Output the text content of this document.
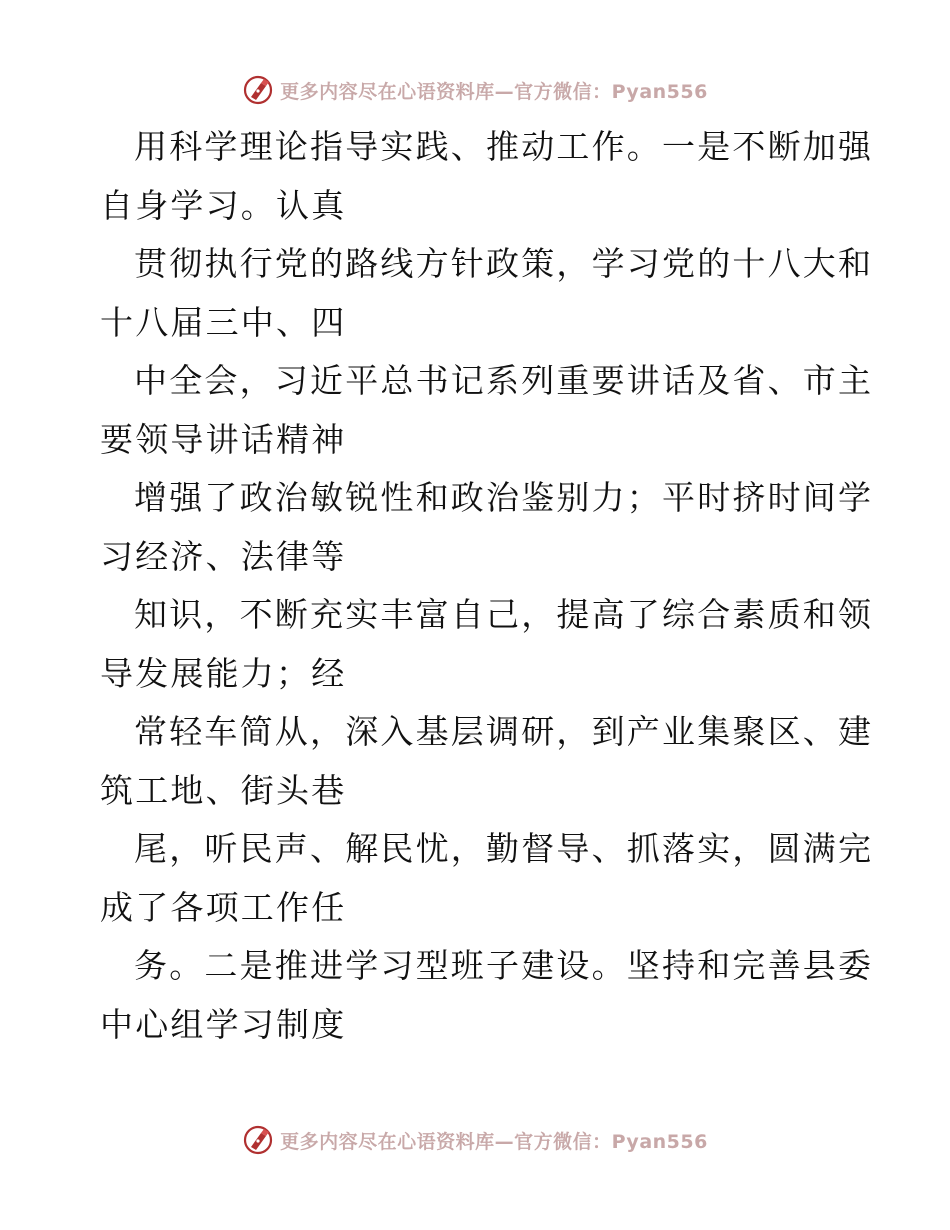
更多内容尽在心语资料库—官方微信：Pyan556
用科学理论指导实践、推动工作。一是不断加强
自身学习。认真
贯彻执行党的路线方针政策，学习党的十八大和
十八届三中、四
中全会，习近平总书记系列重要讲话及省、市主
要领导讲话精神
增强了政治敏锐性和政治鉴别力；平时挤时间学
习经济、法律等
知识，不断充实丰富自己，提高了综合素质和领
导发展能力；经
常轻车简从，深入基层调研，到产业集聚区、建
筑工地、街头巷
尾，听民声、解民忧，勤督导、抓落实，圆满完
成了各项工作任
务。二是推进学习型班子建设。坚持和完善县委
中心组学习制度
更多内容尽在心语资料库—官方微信：Pyan556
